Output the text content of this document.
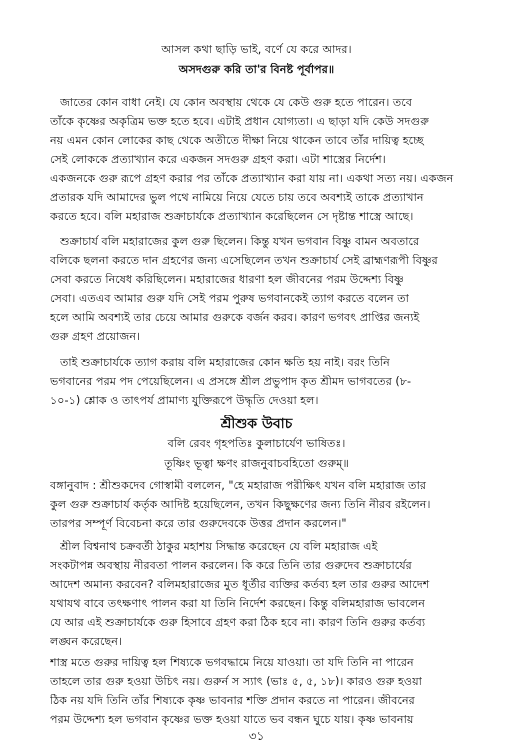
আসল কথা ছাড়ি ভাই, বর্ণে যে করে আদর।
অসদগুরু করি তা'র বিনষ্ট পূর্বাপর॥
জাতের কোন বাধা নেই। যে কোন অবস্থায় থেকে যে কেউ গুরু হতে পারেন। তবে
তাঁকে কৃষ্ণের অকৃত্রিম ভক্ত হতে হবে। এটাই প্রধান যোগ্যতা। এ ছাড়া যদি কেউ সদগুরু
নয় এমন কোন লোকের কাছ থেকে অতীতে দীক্ষা নিয়ে থাকেন তাবে তাঁর দায়িত্ব হচ্ছে
সেই লোককে প্রত্যাখ্যান করে একজন সদগুরু গ্রহণ করা। এটা শাস্ত্রের নির্দেশ।
একজনকে গুরু রূপে গ্রহণ করার পর তাঁকে প্রত্যাখ্যান করা যায় না। একথা সত্য নয়। একজন
প্রতারক যদি আমাদের ভুল পথে নামিয়ে নিয়ে যেতে চায় তবে অবশ্যই তাকে প্রত্যাখান
করতে হবে। বলি মহারাজ শুক্রাচার্যকে প্রত্যাখ্যান করেছিলেন সে দৃষ্টান্ত শাস্ত্রে আছে।
শুক্রাচার্য বলি মহারাজের কুল গুরু ছিলেন। কিন্তু যখন ভগবান বিষ্ণু বামন অবতারে
বলিকে ছলনা করতে দান গ্রহণের জন্য এসেছিলেন তখন শুক্রাচার্য সেই ব্রাহ্মণরূপী বিষ্ণুর
সেবা করতে নিষেধ করিছিলেন। মহারাজের ধারণা হল জীবনের পরম উদ্দেশ্য বিষ্ণু
সেবা। এতএব আমার গুরু যদি সেই পরম পুরুষ ভগবানকেই ত্যাগ করতে বলেন তা
হলে আমি অবশ্যই তার চেয়ে আমার গুরুকে বর্জন করব। কারণ ভগবৎ প্রাপ্তির জন্যই
গুরু গ্রহণ প্রয়োজন।
তাই শুক্রাচার্যকে ত্যাগ করায় বলি মহারাজের কোন ক্ষতি হয় নাই। বরং তিনি
ভগবানের পরম পদ পেয়েছিলেন। এ প্রসঙ্গে শ্রীল প্রভুপাদ কৃত শ্রীমদ ভাগবতের (৮-
১০-১) শ্লোক ও তাৎপর্য প্রামাণ্য যুক্তিরূপে উদ্ধৃতি দেওয়া হল।
শ্রীশুক উবাচ
বলি রেবং গৃহপতিঃ কুলাচার্যেণ ভাষিতঃ।
তূষ্ণিং ভূত্বা ক্ষণং রাজনুবাচবহিতো গুরুম্॥
বঙ্গানুবাদ : শ্রীশুকদেব গোস্বামী বললেন, "হে মহারাজ পরীক্ষিৎ যখন বলি মহারাজ তার
কুল গুরু শুক্রাচার্য কর্তৃক আদিষ্ট হয়েছিলেন, তখন কিছুক্ষণের জন্য তিনি নীরব রইলেন।
তারপর সম্পূর্ণ বিবেচনা করে তার গুরুদেবকে উত্তর প্রদান করলেন।"
শ্রীল বিশ্বনাথ চক্রবর্তী ঠাকুর মহাশয় সিদ্ধান্ত করেছেন যে বলি মহারাজ এই
সংকটাপন্ন অবস্থায় নীরবতা পালন করলেন। কি করে তিনি তার গুরুদেব শুক্রাচার্যের
আদেশ অমান্য করবেন? বলিমহারাজের মুত ধূর্তীর ব্যক্তির কর্তব্য হল তার গুরুর আদেশ
যথাযথ বাবে তৎক্ষণাৎ পালন করা যা তিনি নির্দেশ করছেন। কিন্তু বলিমহারাজ ভাবলেন
যে আর এই শুক্রাচার্যকে গুরু হিসাবে গ্রহণ করা ঠিক হবে না। কারণ তিনি গুরুর কর্তব্য
লঙ্ঘন করেছেন।
শাস্ত্র মতে গুরুর দায়িত্ব হল শিষ্যকে ভগবদ্ধামে নিয়ে যাওয়া। তা যদি তিনি না পারেন
তাহলে তার গুরু হওয়া উচিৎ নয়। গুরুর্ন স স্যাৎ (ভাঃ ৫, ৫, ১৮)। কারও গুরু হওয়া
ঠিক নয় যদি তিনি তাঁর শিষ্যকে কৃষ্ণ ভাবনার শক্তি প্রদান করতে না পারেন। জীবনের
পরম উদ্দেশ্য হল ভগবান কৃষ্ণের ভক্ত হওয়া যাতে ভব বন্ধন ঘুচে যায়। কৃষ্ণ ভাবনায়
৩১
